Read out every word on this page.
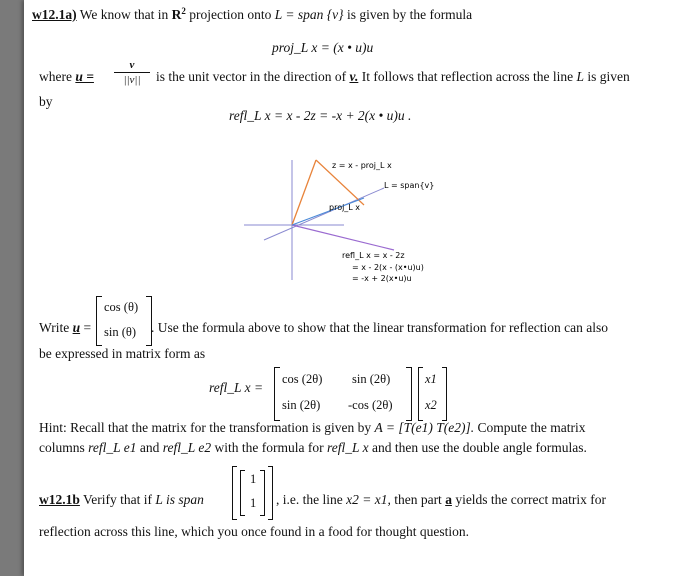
w12.1a) We know that in $R^2$ projection onto L = span {v} is given by the formula
proj_L x = (x • u)u
where u =
v
||v||	is the unit vector in the direction of v. It follows that reflection across the line L is given
by
refl_L x = x - 2z = -x + 2(x • u)u .
z = x - proj_L x
L = span{v}
proj_L x
refl_L x = x - 2z
= x - 2(x - (x•u)u)
= -x + 2(x•u)u
Write u =
cos (θ)
sin (θ) . Use the formula above to show that the linear transformation for reflection can also
be expressed in matrix form as
refl_L x =
cos (2θ) sin (2θ)
sin (2θ) -cos (2θ)
x1
x2
Hint: Recall that the matrix for the transformation is given by A = [T(e1) T(e2)]. Compute the matrix
columns refl_L e1 and refl_L e2 with the formula for refl_L x and then use the double angle formulas.
w12.1b Verify that if L is span
1
1 , i.e. the line x2 = x1, then part a yields the correct matrix for
reflection across this line, which you once found in a food for thought question.
